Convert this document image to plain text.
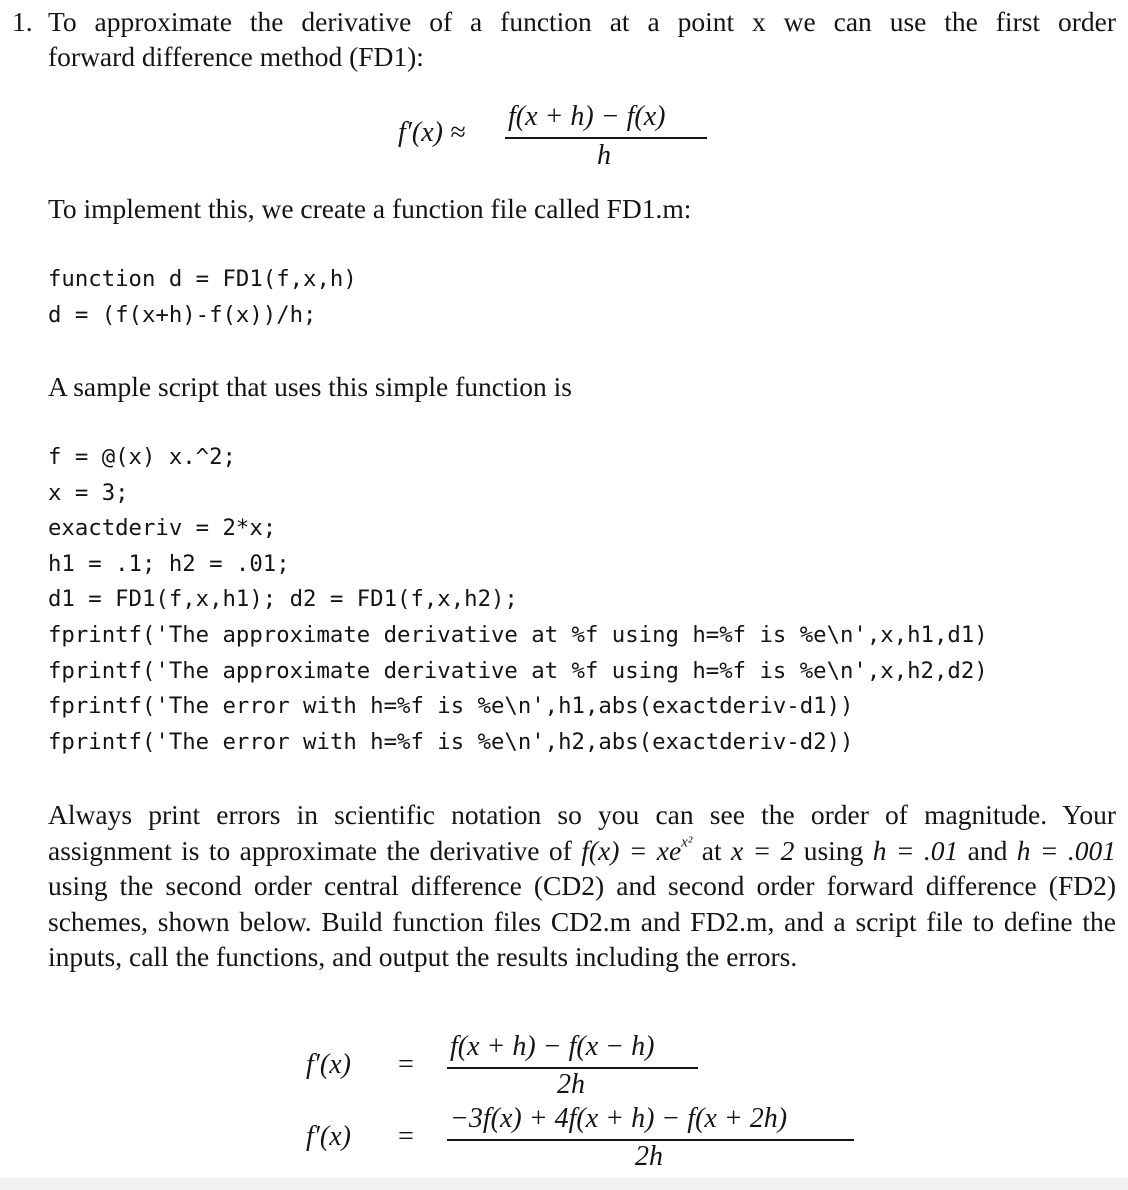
1. To approximate the derivative of a function at a point x we can use the first order
forward difference method (FD1):
f′(x) ≈
f(x + h) − f(x)
h
To implement this, we create a function file called FD1.m:
function d = FD1(f,x,h)
d = (f(x+h)-f(x))/h;
A sample script that uses this simple function is
f = @(x) x.^2;
x = 3;
exactderiv = 2*x;
h1 = .1; h2 = .01;
d1 = FD1(f,x,h1); d2 = FD1(f,x,h2);
fprintf('The approximate derivative at %f using h=%f is %e\n',x,h1,d1)
fprintf('The approximate derivative at %f using h=%f is %e\n',x,h2,d2)
fprintf('The error with h=%f is %e\n',h1,abs(exactderiv-d1))
fprintf('The error with h=%f is %e\n',h2,abs(exactderiv-d2))
Always print errors in scientific notation so you can see the order of magnitude. Your assignment is to approximate the derivative of $f(x) = xe^{x^2}$ at x = 2 using h = .01 and h = .001 using the second order central difference (CD2) and second order forward difference (FD2) schemes, shown below. Build function files CD2.m and FD2.m, and a script file to define the inputs, call the functions, and output the results including the errors.
f′(x) =
f(x + h) − f(x − h)
2h
f′(x) =
−3f(x) + 4f(x + h) − f(x + 2h)
2h
